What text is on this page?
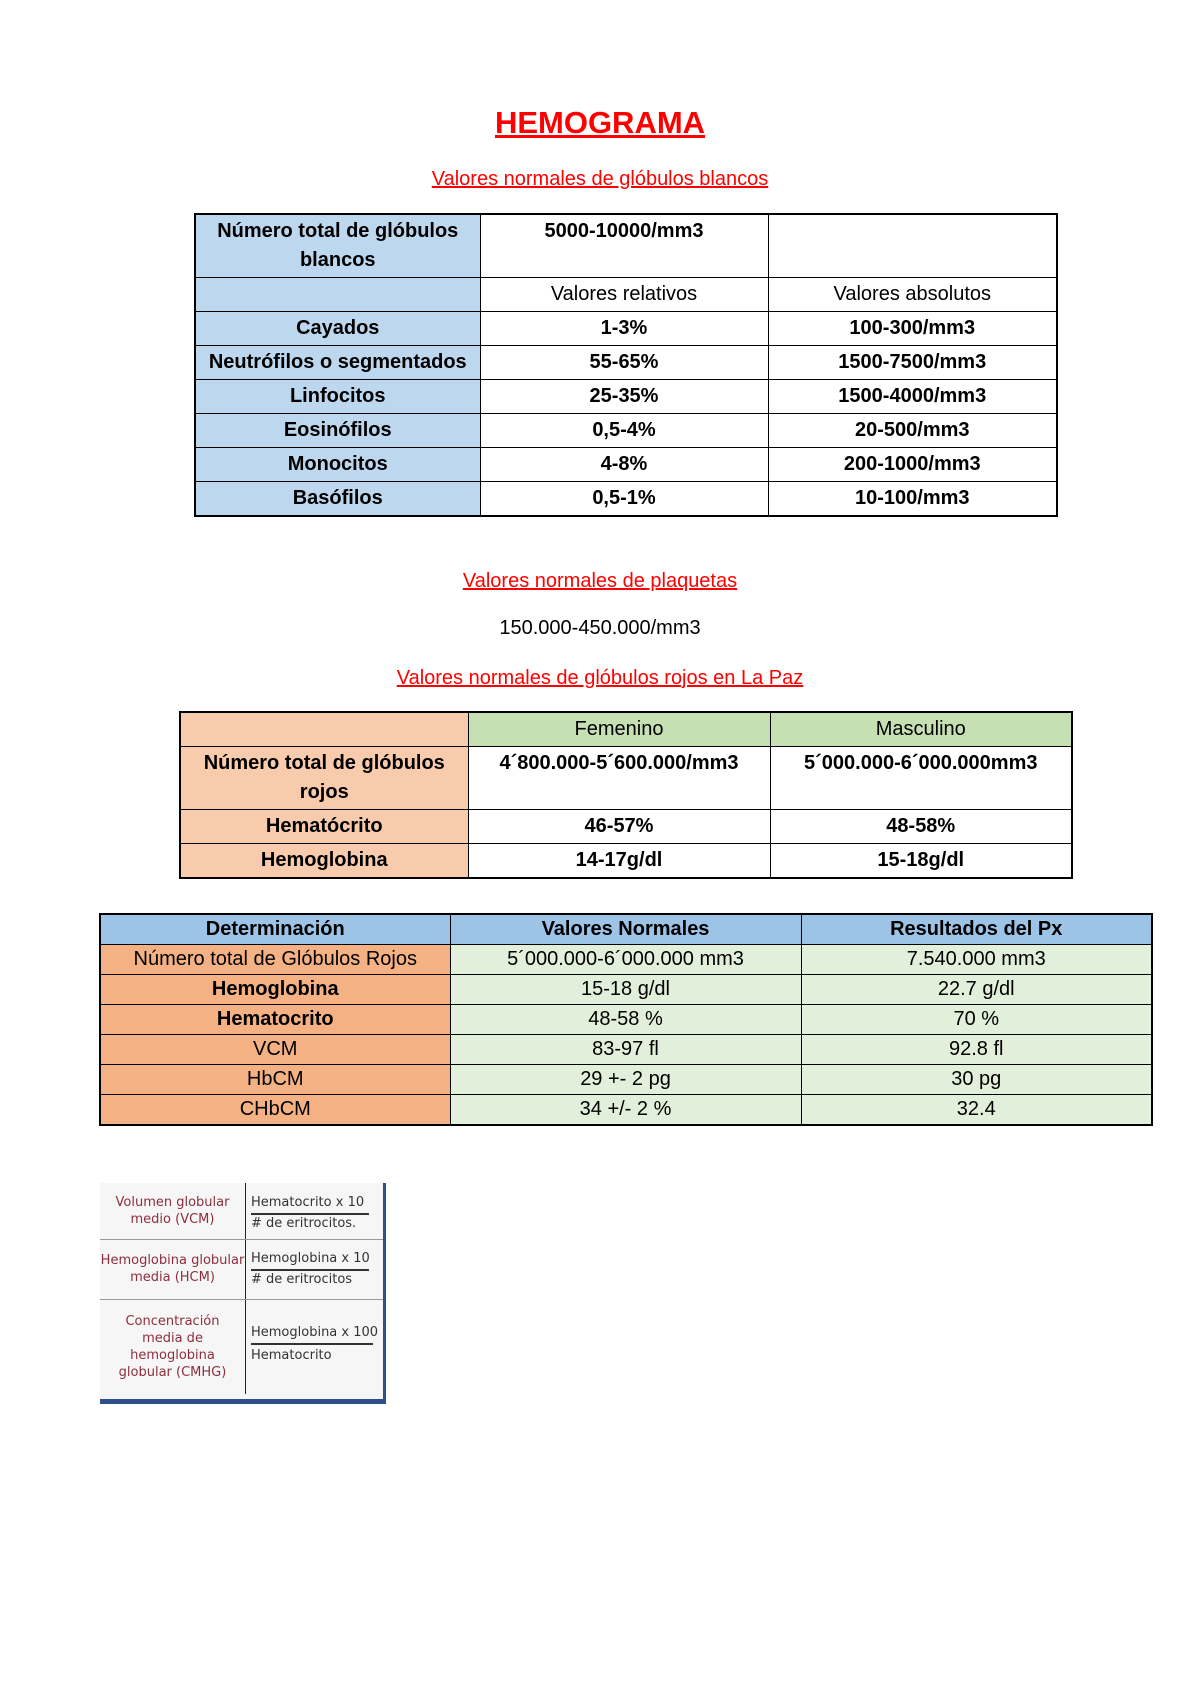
HEMOGRAMA
Valores normales de glóbulos blancos
Número total de glóbulos blancos	5000-10000/mm3	
	Valores relativos	Valores absolutos
Cayados	1-3%	100-300/mm3
Neutrófilos o segmentados	55-65%	1500-7500/mm3
Linfocitos	25-35%	1500-4000/mm3
Eosinófilos	0,5-4%	20-500/mm3
Monocitos	4-8%	200-1000/mm3
Basófilos	0,5-1%	10-100/mm3
Valores normales de plaquetas
150.000-450.000/mm3
Valores normales de glóbulos rojos en La Paz
	Femenino	Masculino
Número total de glóbulos rojos	4´800.000-5´600.000/mm3	5´000.000-6´000.000mm3
Hematócrito	46-57%	48-58%
Hemoglobina	14-17g/dl	15-18g/dl
Determinación	Valores Normales	Resultados del Px
Número total de Glóbulos Rojos	5´000.000-6´000.000 mm3	7.540.000 mm3
Hemoglobina	15-18 g/dl	22.7 g/dl
Hematocrito	48-58 %	70 %
VCM	83-97 fl	92.8 fl
HbCM	29 +- 2 pg	30 pg
CHbCM	34 +/- 2 %	32.4
Volumen globular medio (VCM)
Hematocrito x 10
# de eritrocitos.
Hemoglobina globular media (HCM)
Hemoglobina x 10
# de eritrocitos
Concentración media de hemoglobina globular (CMHG)
Hemoglobina x 100
Hematocrito
